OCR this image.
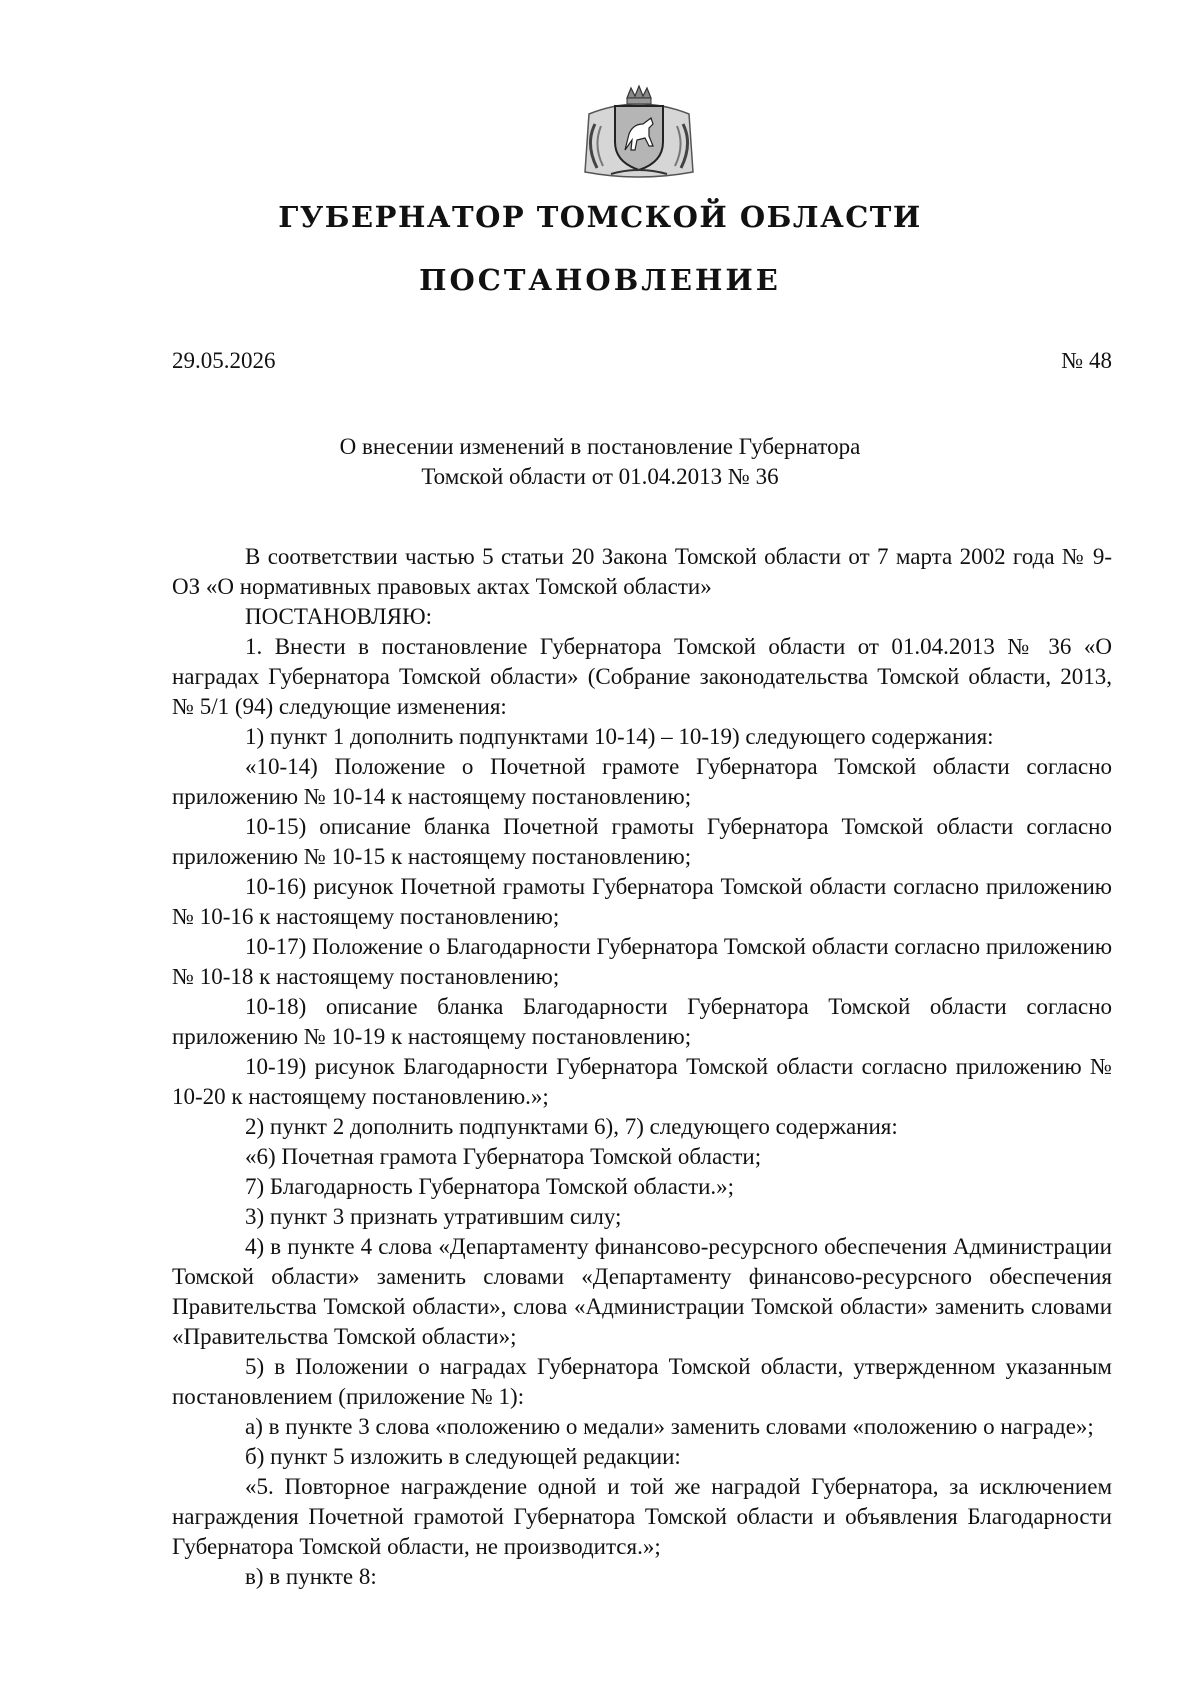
ГУБЕРНАТОР ТОМСКОЙ ОБЛАСТИ
ПОСТАНОВЛЕНИЕ
29.05.2026	№ 48
О внесении изменений в постановление Губернатора
Томской области от 01.04.2013 № 36

В соответствии частью 5 статьи 20 Закона Томской области от 7 марта 2002 года № 9-ОЗ «О нормативных правовых актах Томской области»

ПОСТАНОВЛЯЮ:

1. Внести в постановление Губернатора Томской области от 01.04.2013 № 36 «О наградах Губернатора Томской области» (Собрание законодательства Томской области, 2013, № 5/1 (94) следующие изменения:

1) пункт 1 дополнить подпунктами 10-14) – 10-19) следующего содержания:

«10-14) Положение о Почетной грамоте Губернатора Томской области согласно приложению № 10-14 к настоящему постановлению;

10-15) описание бланка Почетной грамоты Губернатора Томской области согласно приложению № 10-15 к настоящему постановлению;

10-16) рисунок Почетной грамоты Губернатора Томской области согласно приложению № 10-16 к настоящему постановлению;

10-17) Положение о Благодарности Губернатора Томской области согласно приложению № 10-18 к настоящему постановлению;

10-18) описание бланка Благодарности Губернатора Томской области согласно приложению № 10-19 к настоящему постановлению;

10-19) рисунок Благодарности Губернатора Томской области согласно приложению № 10-20 к настоящему постановлению.»;

2) пункт 2 дополнить подпунктами 6), 7) следующего содержания:

«6) Почетная грамота Губернатора Томской области;

7) Благодарность Губернатора Томской области.»;

3) пункт 3 признать утратившим силу;

4) в пункте 4 слова «Департаменту финансово-ресурсного обеспечения Администрации Томской области» заменить словами «Департаменту финансово-ресурсного обеспечения Правительства Томской области», слова «Администрации Томской области» заменить словами «Правительства Томской области»;

5) в Положении о наградах Губернатора Томской области, утвержденном указанным постановлением (приложение № 1):

а) в пункте 3 слова «положению о медали» заменить словами «положению о награде»;

б) пункт 5 изложить в следующей редакции:

«5. Повторное награждение одной и той же наградой Губернатора, за исключением награждения Почетной грамотой Губернатора Томской области и объявления Благодарности Губернатора Томской области, не производится.»;

в) в пункте 8:
